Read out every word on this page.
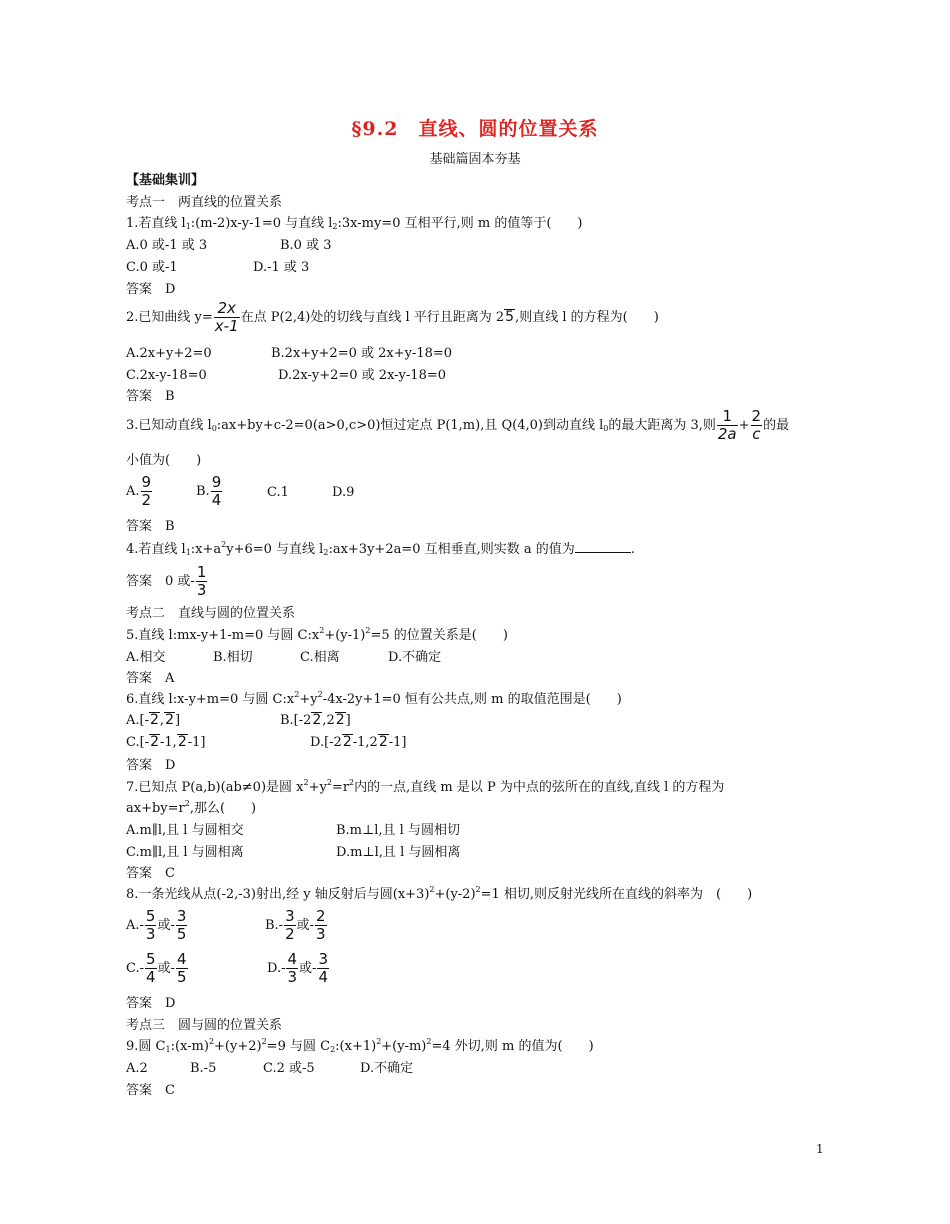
§9.2　直线、圆的位置关系
基础篇固本夯基
【基础集训】
考点一　两直线的位置关系
1.若直线 $l_1:(m-2)x-y-1=0$ 与直线 $l_2:3x-my=0$ 互相平行,则 m 的值等于(　　)
A.0 或-1 或 3	B.0 或 3
C.0 或-1	D.-1 或 3
答案　 D
2.已知曲线 $y= \frac{2x}{x-1}$ 在点 P(2,4)处的切线与直线 l 平行且距离为 25,则直线 l 的方程为(　　)
A.2x+y+2=0	B.2x+y+2=0 或 2x+y-18=0
C.2x-y-18=0	D.2x-y+2=0 或 2x-y-18=0
答案　 B
3.已知动直线 $l_0:ax+by+c-2=0(a>0,c>0)$恒过定点 P(1,m),且 Q(4,0)到动直线 $l_0$的最大距离为 3,则 $\frac{1}{2a} + \frac{2}{c}$ 的最
小值为(　　)
A. $\frac{9}{2}$	B. $\frac{9}{4}$	C.1	D.9
答案　 B
4.若直线 $l_1:x+a^2y+6=0$ 与直线 $l_2:ax+3y+2a=0$ 互相垂直,则实数 a 的值为	.
答案　 0 或- $\frac{1}{3}$
考点二　直线与圆的位置关系
5.直线 l:mx-y+1-m=0 与圆 $C:x^2+(y-1)^2=5$ 的位置关系是(　　)
A.相交	B.相切	C.相离	D.不确定
答案　 A
6.直线 l:x-y+m=0 与圆 $C:x^2+y^2-4x-2y+1=0$ 恒有公共点,则 m 的取值范围是(　　)
A.[-2,2]	B.[-22,22]
C.[-2-1,2-1]	D.[-22-1,22-1]
答案　 D
7.已知点 P(a,b)(ab≠0)是圆 $x^2+y^2=r^2$内的一点,直线 m 是以 P 为中点的弦所在的直线,直线 l 的方程为
$ax+by=r^2$,那么(　　)
A.m∥l,且 l 与圆相交	B.m⊥l,且 l 与圆相切
C.m∥l,且 l 与圆相离	D.m⊥l,且 l 与圆相离
答案　 C
8.一条光线从点(-2,-3)射出,经 y 轴反射后与圆$(x+3)^2+(y-2)^2=1$ 相切,则反射光线所在直线的斜率为　(　　)
$A.- \frac{5}{3}$ 或- $\frac{3}{5}$	$B.- \frac{3}{2}$ 或- $\frac{2}{3}$
$C.- \frac{5}{4}$ 或- $\frac{4}{5}$	$D.- \frac{4}{3}$ 或- $\frac{3}{4}$
答案　 D
考点三　圆与圆的位置关系
9.圆 $C_1:(x-m)^2+(y+2)^2=9$ 与圆 $C_2:(x+1)^2+(y-m)^2=4$ 外切,则 m 的值为(　　)
A.2	B.-5	C.2 或-5	D.不确定
答案　 C
1
